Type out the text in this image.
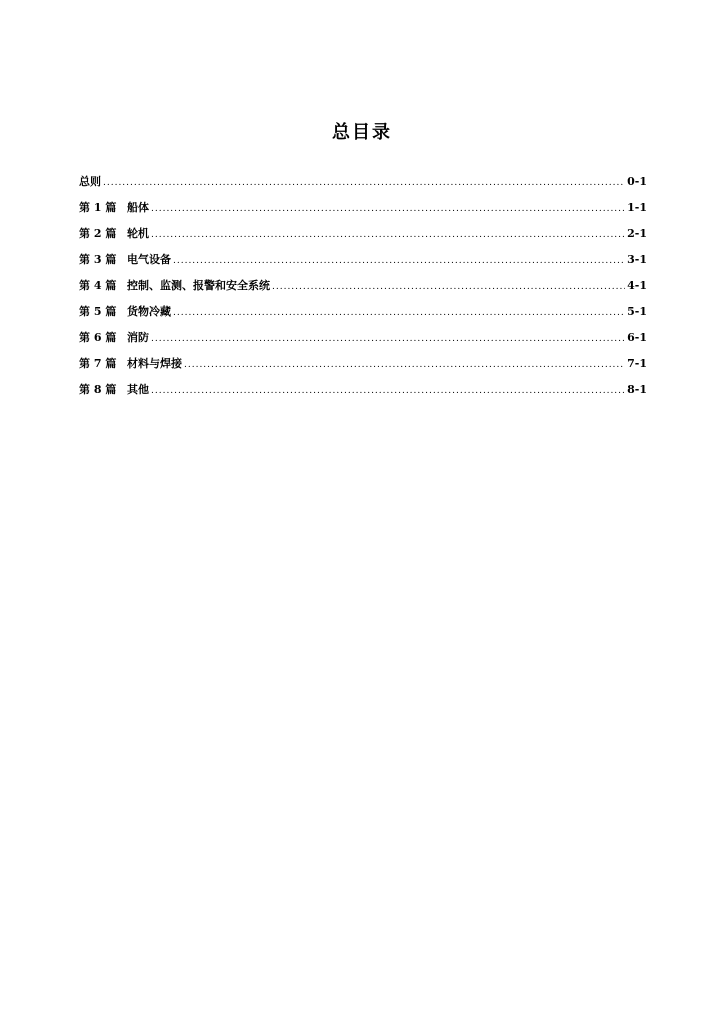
总目录
总则 .....	0-1
第 1 篇 船体 .....	1-1
第 2 篇 轮机 .....	2-1
第 3 篇 电气设备 .....	3-1
第 4 篇 控制、监测、报警和安全系统 .....	4-1
第 5 篇 货物冷藏 .....	5-1
第 6 篇 消防 .....	6-1
第 7 篇 材料与焊接 .....	7-1
第 8 篇 其他 .....	8-1
